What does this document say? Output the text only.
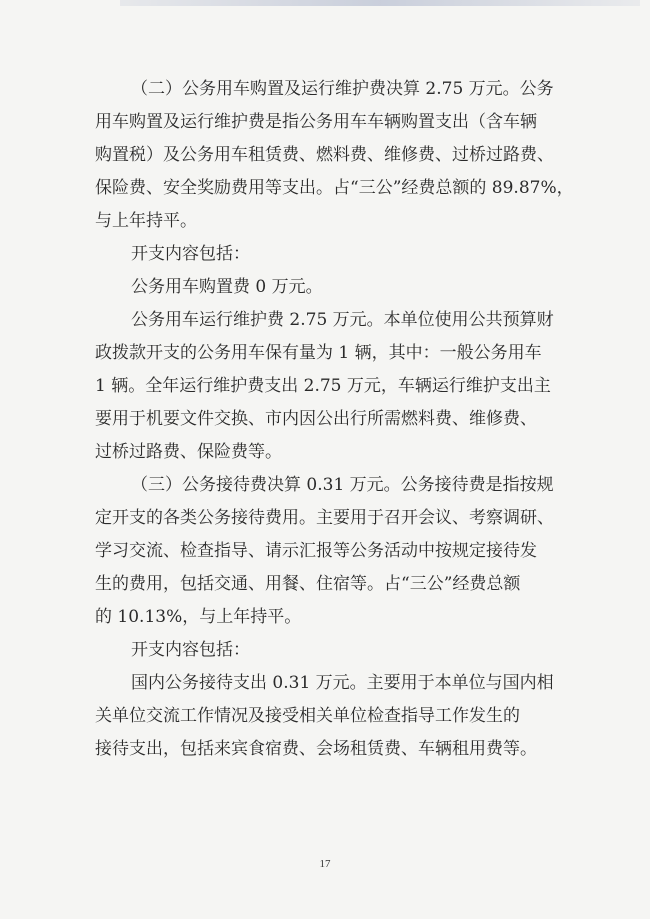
（二）公务用车购置及运行维护费决算 2.75 万元。公务
用车购置及运行维护费是指公务用车车辆购置支出（含车辆
购置税）及公务用车租赁费、燃料费、维修费、过桥过路费、
保险费、安全奖励费用等支出。占“三公”经费总额的 89.87%，
与上年持平。
开支内容包括：
公务用车购置费 0 万元。
公务用车运行维护费 2.75 万元。本单位使用公共预算财
政拨款开支的公务用车保有量为 1 辆，其中：一般公务用车
1 辆。全年运行维护费支出 2.75 万元，车辆运行维护支出主
要用于机要文件交换、市内因公出行所需燃料费、维修费、
过桥过路费、保险费等。
（三）公务接待费决算 0.31 万元。公务接待费是指按规
定开支的各类公务接待费用。主要用于召开会议、考察调研、
学习交流、检查指导、请示汇报等公务活动中按规定接待发
生的费用，包括交通、用餐、住宿等。占“三公”经费总额
的 10.13%，与上年持平。
开支内容包括：
国内公务接待支出 0.31 万元。主要用于本单位与国内相
关单位交流工作情况及接受相关单位检查指导工作发生的
接待支出，包括来宾食宿费、会场租赁费、车辆租用费等。
17
